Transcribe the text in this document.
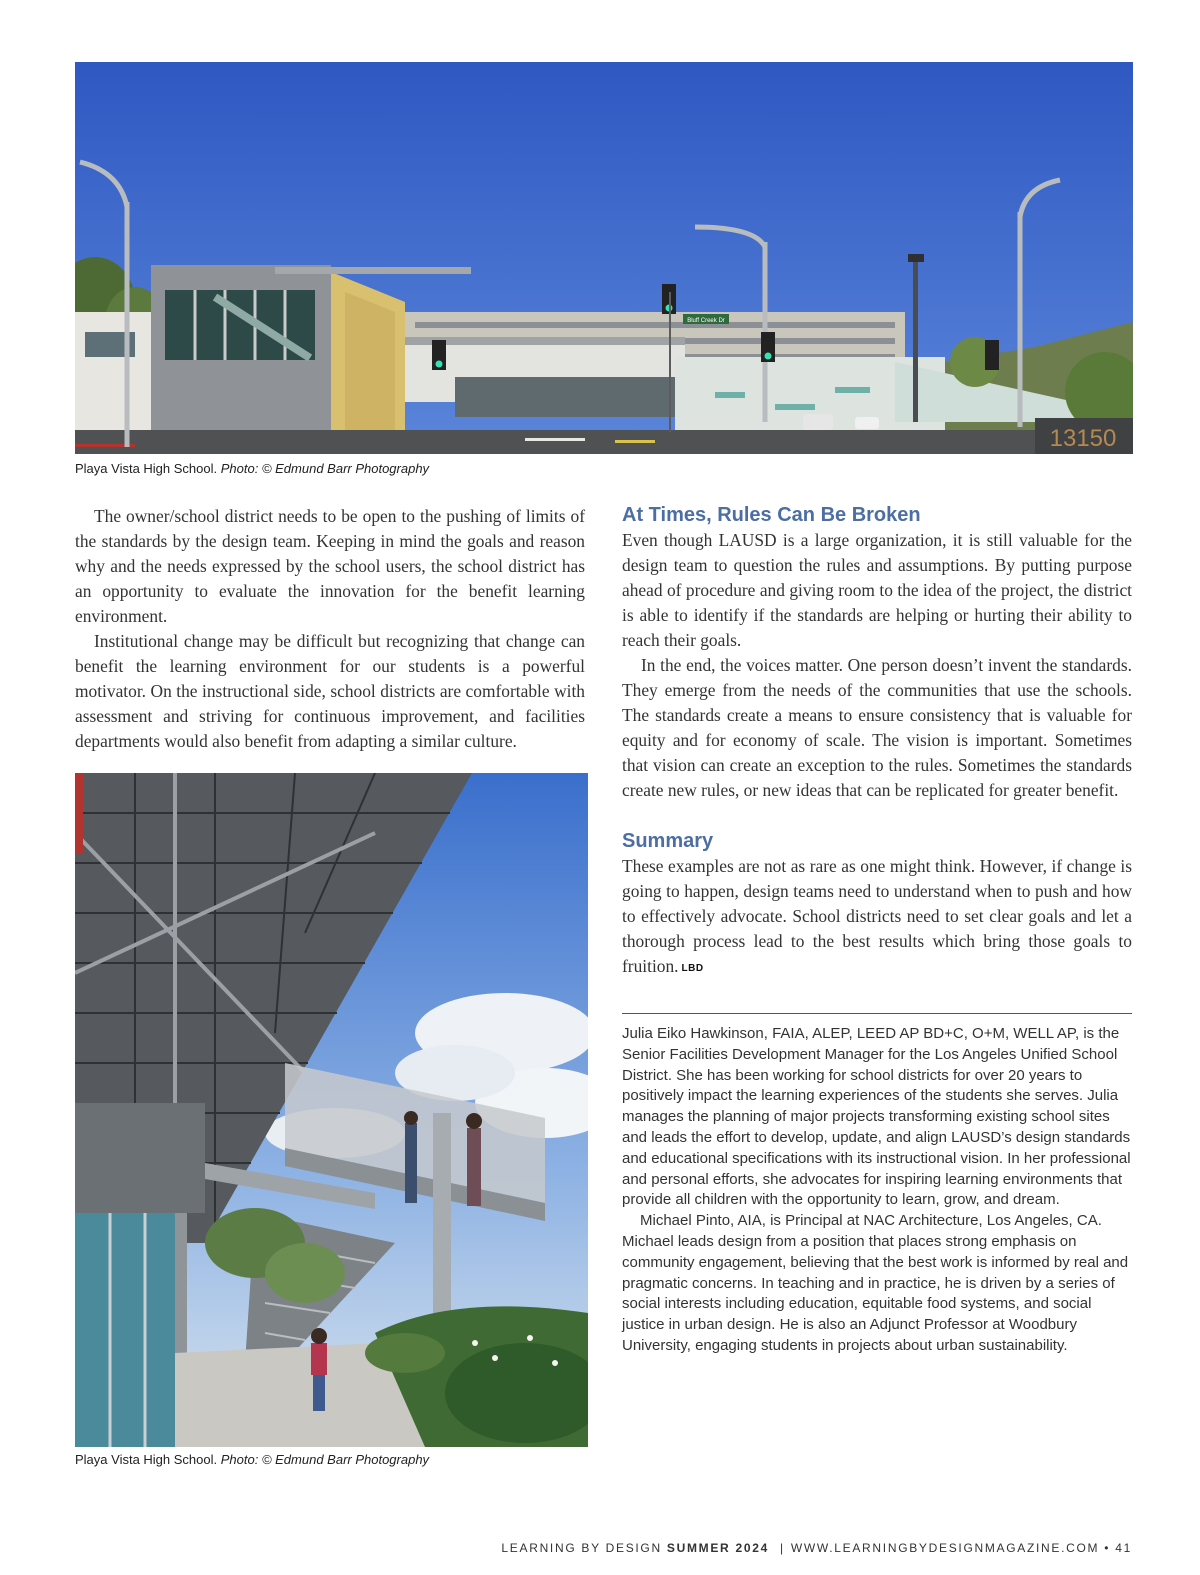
Bluff Creek Dr
13150
Playa Vista High School. Photo: © Edmund Barr Photography

The owner/school district needs to be open to the pushing of limits of the standards by the design team. Keeping in mind the goals and reason why and the needs expressed by the school users, the school district has an opportunity to evaluate the innovation for the benefit learning environment.

Institutional change may be difficult but recognizing that change can benefit the learning environment for our students is a powerful motivator. On the instructional side, school districts are comfortable with assessment and striving for continuous improvement, and facilities departments would also benefit from adapting a similar culture.

Playa Vista High School. Photo: © Edmund Barr Photography
At Times, Rules Can Be Broken

Even though LAUSD is a large organization, it is still valuable for the design team to question the rules and assumptions. By putting purpose ahead of procedure and giving room to the idea of the project, the district is able to identify if the standards are helping or hurting their ability to reach their goals.

In the end, the voices matter. One person doesn’t invent the standards. They emerge from the needs of the communities that use the schools. The standards create a means to ensure consistency that is valuable for equity and for economy of scale. The vision is important. Sometimes that vision can create an exception to the rules. Sometimes the standards create new rules, or new ideas that can be replicated for greater benefit.

Summary

These examples are not as rare as one might think. However, if change is going to happen, design teams need to understand when to push and how to effectively advocate. School districts need to set clear goals and let a thorough process lead to the best results which bring those goals to fruition. LBD

Julia Eiko Hawkinson, FAIA, ALEP, LEED AP BD+C, O+M, WELL AP, is the Senior Facilities Development Manager for the Los Angeles Unified School District. She has been working for school districts for over 20 years to positively impact the learning experiences of the students she serves. Julia manages the planning of major projects transforming existing school sites and leads the effort to develop, update, and align LAUSD’s design standards and educational specifications with its instructional vision. In her professional and personal efforts, she advocates for inspiring learning environments that provide all children with the opportunity to learn, grow, and dream.

Michael Pinto, AIA, is Principal at NAC Architecture, Los Angeles, CA. Michael leads design from a position that places strong emphasis on community engagement, believing that the best work is informed by real and pragmatic concerns. In teaching and in practice, he is driven by a series of social interests including education, equitable food systems, and social justice in urban design. He is also an Adjunct Professor at Woodbury University, engaging students in projects about urban sustainability.

LEARNING BY DESIGN SUMMER 2024 | WWW.LEARNINGBYDESIGNMAGAZINE.COM • 41
